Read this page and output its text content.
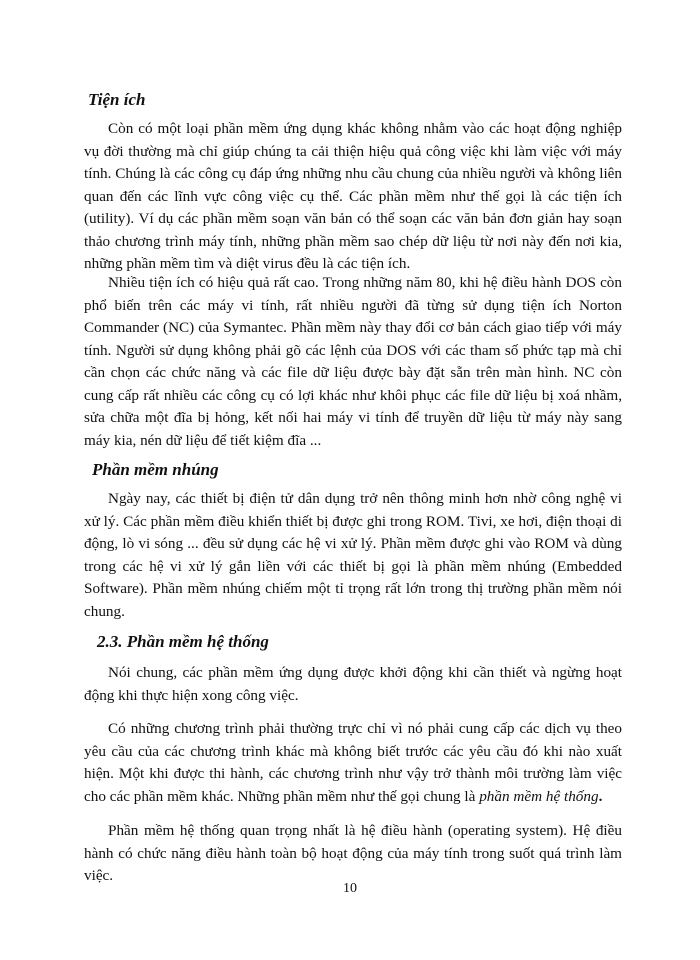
Tiện ích

Còn có một loại phần mềm ứng dụng khác không nhằm vào các hoạt động nghiệp vụ đời thường mà chỉ giúp chúng ta cải thiện hiệu quả công việc khi làm việc với máy tính. Chúng là các công cụ đáp ứng những nhu cầu chung của nhiều người và không liên quan đến các lĩnh vực công việc cụ thể. Các phần mềm như thế gọi là các tiện ích (utility). Ví dụ các phần mềm soạn văn bản có thể soạn các văn bản đơn giản hay soạn thảo chương trình máy tính, những phần mềm sao chép dữ liệu từ nơi này đến nơi kia, những phần mềm tìm và diệt virus đều là các tiện ích.

Nhiều tiện ích có hiệu quả rất cao. Trong những năm 80, khi hệ điều hành DOS còn phổ biến trên các máy vi tính, rất nhiều người đã từng sử dụng tiện ích Norton Commander (NC) của Symantec. Phần mềm này thay đổi cơ bản cách giao tiếp với máy tính. Người sử dụng không phải gõ các lệnh của DOS với các tham số phức tạp mà chỉ cần chọn các chức năng và các file dữ liệu được bày đặt sẵn trên màn hình. NC còn cung cấp rất nhiều các công cụ có lợi khác như khôi phục các file dữ liệu bị xoá nhầm, sửa chữa một đĩa bị hỏng, kết nối hai máy vi tính để truyền dữ liệu từ máy này sang máy kia, nén dữ liệu để tiết kiệm đĩa ...

Phần mềm nhúng

Ngày nay, các thiết bị điện tử dân dụng trở nên thông minh hơn nhờ công nghệ vi xử lý. Các phần mềm điều khiển thiết bị được ghi trong ROM. Tivi, xe hơi, điện thoại di động, lò vi sóng ... đều sử dụng các hệ vi xử lý. Phần mềm được ghi vào ROM và dùng trong các hệ vi xử lý gắn liền với các thiết bị gọi là phần mềm nhúng (Embedded Software). Phần mềm nhúng chiếm một tỉ trọng rất lớn trong thị trường phần mềm nói chung.

2.3. Phần mềm hệ thống

Nói chung, các phần mềm ứng dụng được khởi động khi cần thiết và ngừng hoạt động khi thực hiện xong công việc.

Có những chương trình phải thường trực chỉ vì nó phải cung cấp các dịch vụ theo yêu cầu của các chương trình khác mà không biết trước các yêu cầu đó khi nào xuất hiện. Một khi được thi hành, các chương trình như vậy trở thành môi trường làm việc cho các phần mềm khác. Những phần mềm như thế gọi chung là phần mềm hệ thống.

Phần mềm hệ thống quan trọng nhất là hệ điều hành (operating system). Hệ điều hành có chức năng điều hành toàn bộ hoạt động của máy tính trong suốt quá trình làm việc.

10
